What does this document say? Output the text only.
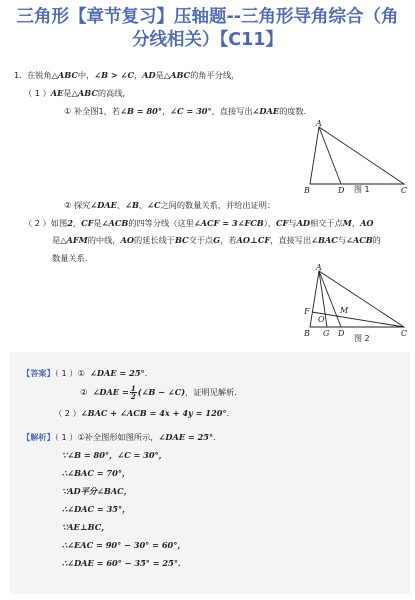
三角形【章节复习】压轴题--三角形导角综合（角
分线相关）【C11】
1. 在锐角△ABC中，∠B > ∠C，AD是△ABC的角平分线，
（ 1 ）AE是△ABC的高线，
① 补全图1，若∠B = 80°，∠C = 30°，直接写出∠DAE的度数．
A
B	D	C
图 1
② 探究∠DAE、∠B、∠C之间的数量关系，并给出证明：
（ 2 ）如图2，CF是∠ACB的四等分线（这里∠ACF = 3∠FCB），CF与AD相交于点M，AO
是△AFM的中线，AO的延长线于BC交于点G，若AO⊥CF，直接写出∠BAC与∠ACB的
数量关系．
A
F	M
O
B G D	C
图 2
【答案】（ 1 ）① ∠DAE = 25°．
② ∠DAE = $\frac{1}{2}$ (∠B − ∠C)，证明见解析.
（ 2 ）∠BAC + ∠ACB = 4x + 4y = 120°．
【解析】（ 1 ）①补全图形如图所示，∠DAE = 25°．
∵∠B = 80°，∠C = 30°，
∴∠BAC = 70°，
∵AD平分∠BAC，
∴∠DAC = 35°，
∵AE⊥BC，
∴∠EAC = 90° − 30° = 60°，
∴∠DAE = 60° − 35° = 25°．
